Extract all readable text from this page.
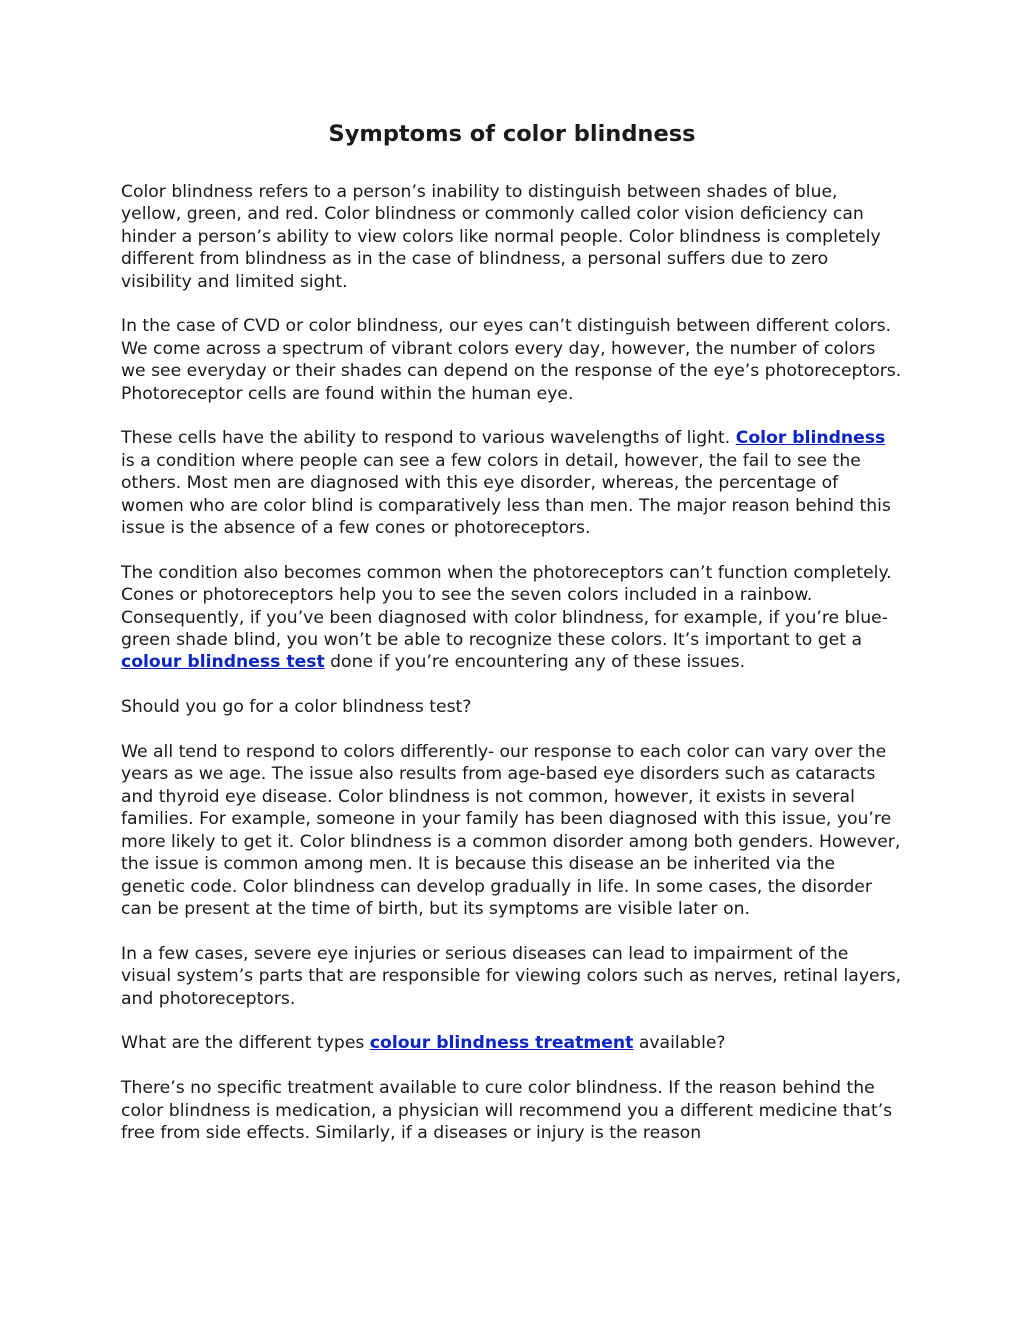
Symptoms of color blindness

Color blindness refers to a person’s inability to distinguish between shades of blue, yellow, green, and red. Color blindness or commonly called color vision deficiency can hinder a person’s ability to view colors like normal people. Color blindness is completely different from blindness as in the case of blindness, a personal suffers due to zero visibility and limited sight.

In the case of CVD or color blindness, our eyes can’t distinguish between different colors. We come across a spectrum of vibrant colors every day, however, the number of colors we see everyday or their shades can depend on the response of the eye’s photoreceptors. Photoreceptor cells are found within the human eye.

These cells have the ability to respond to various wavelengths of light. Color blindness is a condition where people can see a few colors in detail, however, the fail to see the others. Most men are diagnosed with this eye disorder, whereas, the percentage of women who are color blind is comparatively less than men. The major reason behind this issue is the absence of a few cones or photoreceptors.

The condition also becomes common when the photoreceptors can’t function completely. Cones or photoreceptors help you to see the seven colors included in a rainbow. Consequently, if you’ve been diagnosed with color blindness, for example, if you’re blue-green shade blind, you won’t be able to recognize these colors. It’s important to get a colour blindness test done if you’re encountering any of these issues.

Should you go for a color blindness test?

We all tend to respond to colors differently- our response to each color can vary over the years as we age. The issue also results from age-based eye disorders such as cataracts and thyroid eye disease. Color blindness is not common, however, it exists in several families. For example, someone in your family has been diagnosed with this issue, you’re more likely to get it. Color blindness is a common disorder among both genders. However, the issue is common among men. It is because this disease an be inherited via the genetic code. Color blindness can develop gradually in life. In some cases, the disorder can be present at the time of birth, but its symptoms are visible later on.

In a few cases, severe eye injuries or serious diseases can lead to impairment of the visual system’s parts that are responsible for viewing colors such as nerves, retinal layers, and photoreceptors.

What are the different types colour blindness treatment available?

There’s no specific treatment available to cure color blindness. If the reason behind the color blindness is medication, a physician will recommend you a different medicine that’s free from side effects. Similarly, if a diseases or injury is the reason
